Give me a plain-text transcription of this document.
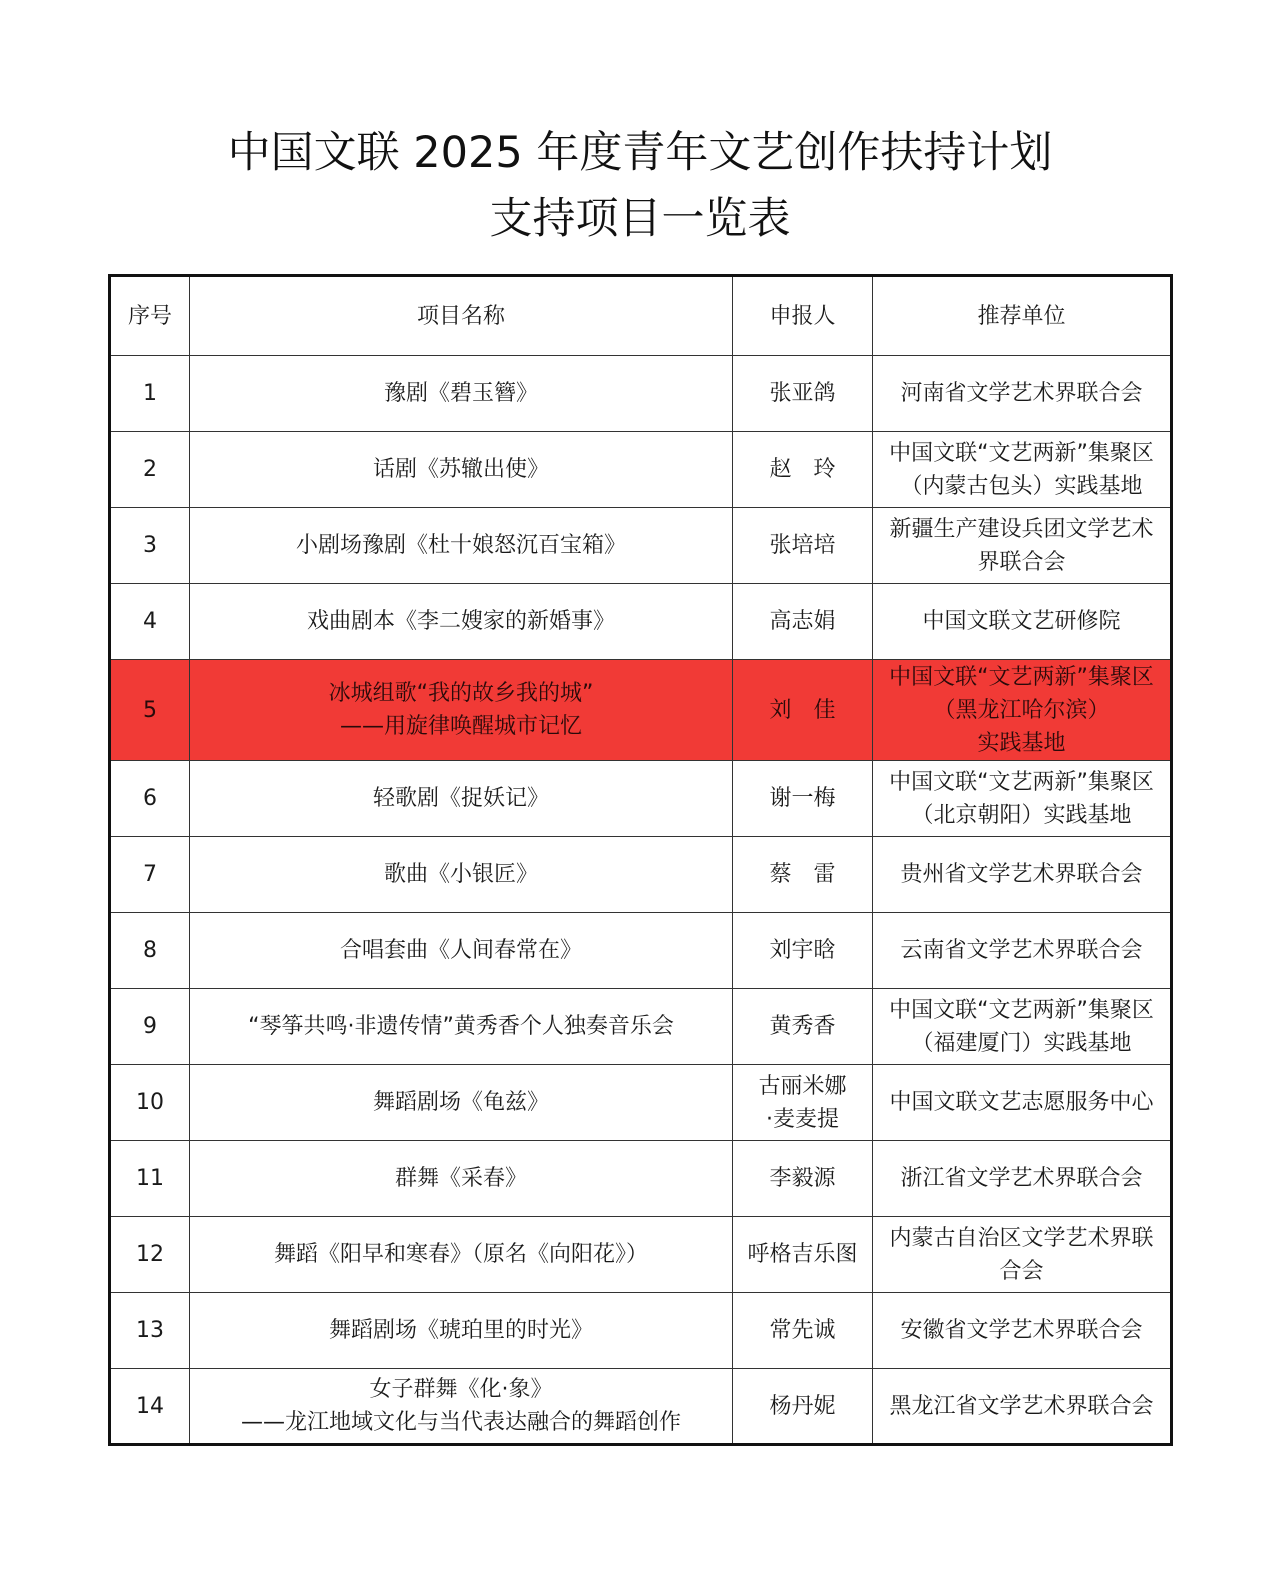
中国文联 2025 年度青年文艺创作扶持计划
支持项目一览表
序号	项目名称	申报人	推荐单位
1	豫剧《碧玉簪》	张亚鸽	河南省文学艺术界联合会
2	话剧《苏辙出使》	赵　玲	中国文联“文艺两新”集聚区
（内蒙古包头）实践基地
3	小剧场豫剧《杜十娘怒沉百宝箱》	张培培	新疆生产建设兵团文学艺术
界联合会
4	戏曲剧本《李二嫂家的新婚事》	高志娟	中国文联文艺研修院
5	冰城组歌“我的故乡我的城”
——用旋律唤醒城市记忆	刘　佳	中国文联“文艺两新”集聚区
（黑龙江哈尔滨）
实践基地
6	轻歌剧《捉妖记》	谢一梅	中国文联“文艺两新”集聚区
（北京朝阳）实践基地
7	歌曲《小银匠》	蔡　雷	贵州省文学艺术界联合会
8	合唱套曲《人间春常在》	刘宇晗	云南省文学艺术界联合会
9	“琴筝共鸣·非遗传情”黄秀香个人独奏音乐会	黄秀香	中国文联“文艺两新”集聚区
（福建厦门）实践基地
10	舞蹈剧场《龟兹》	古丽米娜
·麦麦提	中国文联文艺志愿服务中心
11	群舞《采春》	李毅源	浙江省文学艺术界联合会
12	舞蹈《阳早和寒春》（原名《向阳花》）	呼格吉乐图	内蒙古自治区文学艺术界联
合会
13	舞蹈剧场《琥珀里的时光》	常先诚	安徽省文学艺术界联合会
14	女子群舞《化·象》
——龙江地域文化与当代表达融合的舞蹈创作	杨丹妮	黑龙江省文学艺术界联合会
